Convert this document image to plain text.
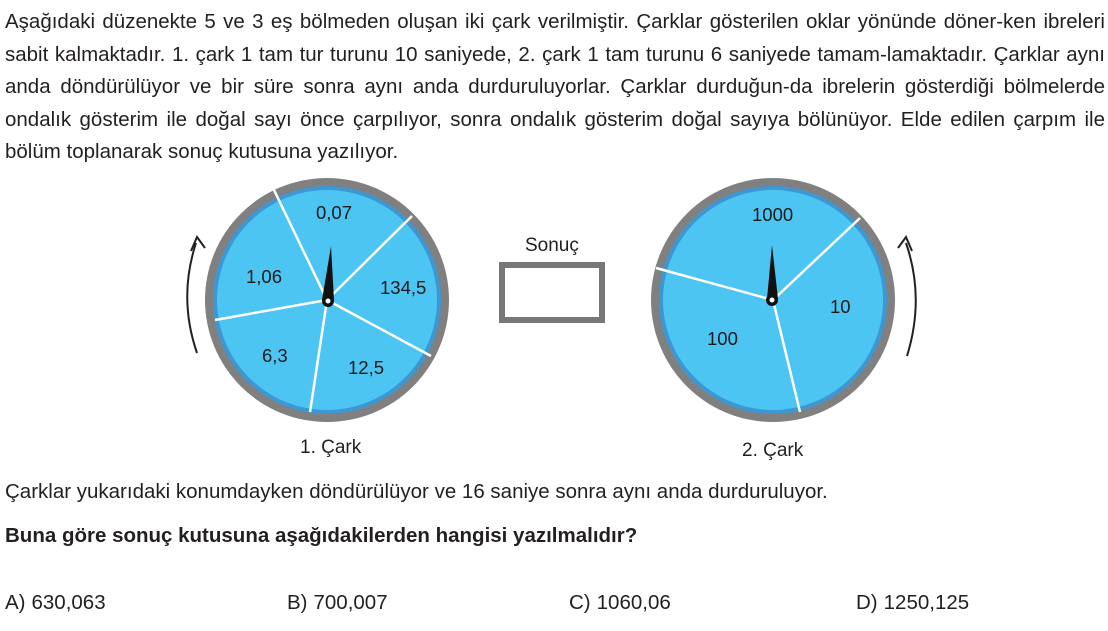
Aşağıdaki düzenekte 5 ve 3 eş bölmeden oluşan iki çark verilmiştir. Çarklar gösterilen oklar yönünde döner-ken ibreleri sabit kalmaktadır. 1. çark 1 tam tur turunu 10 saniyede, 2. çark 1 tam turunu 6 saniyede tamam-lamaktadır. Çarklar aynı anda döndürülüyor ve bir süre sonra aynı anda durduruluyorlar. Çarklar durduğun-da ibrelerin gösterdiği bölmelerde ondalık gösterim ile doğal sayı önce çarpılıyor, sonra ondalık gösterim doğal sayıya bölünüyor. Elde edilen çarpım ile bölüm toplanarak sonuç kutusuna yazılıyor.
0,07
134,5
12,5
6,3
1,06
1. Çark
Sonuç
1000
10
100
2. Çark
Çarklar yukarıdaki konumdayken döndürülüyor ve 16 saniye sonra aynı anda durduruluyor.
Buna göre sonuç kutusuna aşağıdakilerden hangisi yazılmalıdır?
A) 630,063	B) 700,007	C) 1060,06	D) 1250,125
